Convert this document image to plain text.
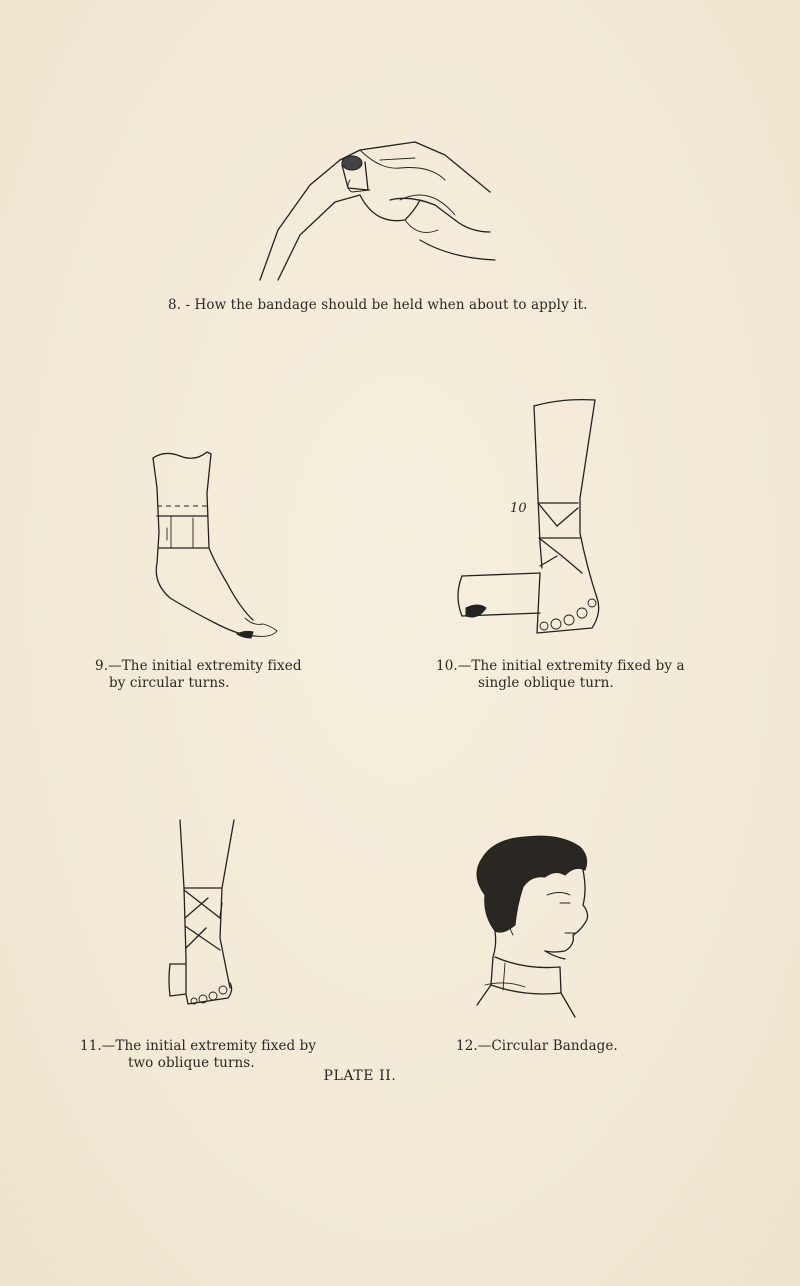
8. - How the bandage should be held when about to apply it.
9.—The initial extremity fixed
by circular turns.
10
10.—The initial extremity fixed by a
single oblique turn.
11.—The initial extremity fixed by
two oblique turns.
12.—Circular Bandage.
PLATE II.
